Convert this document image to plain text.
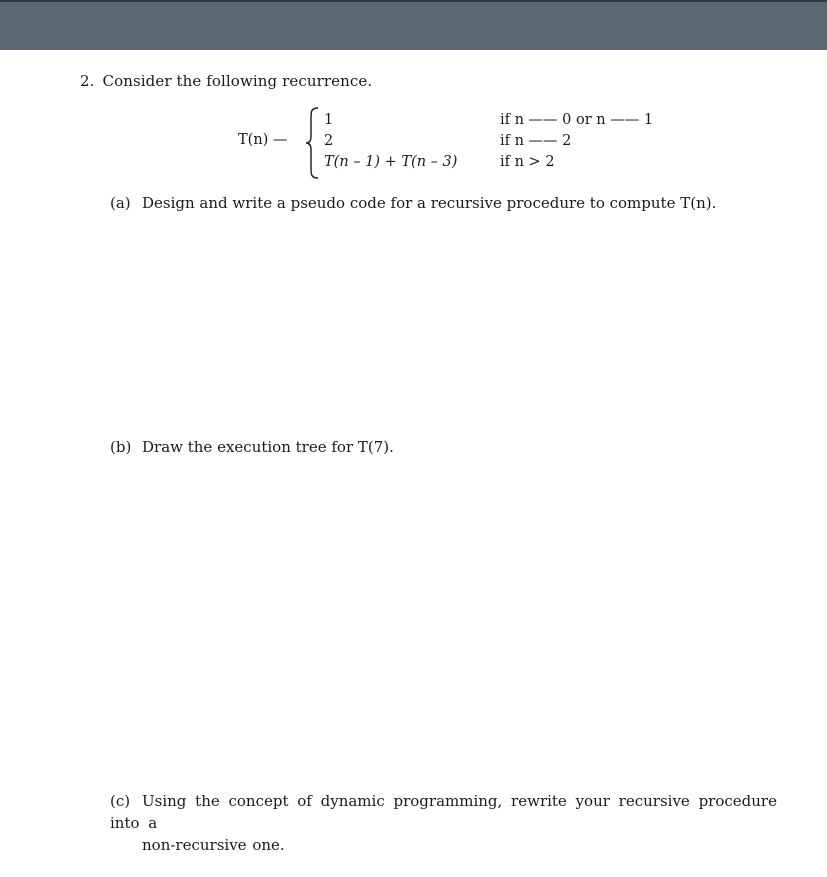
2. Consider the following recurrence.
T(n) —
1
2
T(n – 1) + T(n – 3)
if n —— 0 or n —— 1
if n —— 2
if n > 2
(a) Design and write a pseudo code for a recursive procedure to compute T(n).
(b) Draw the execution tree for T(7).
(c) Using the concept of dynamic programming, rewrite your recursive procedure into a
non-recursive one.
